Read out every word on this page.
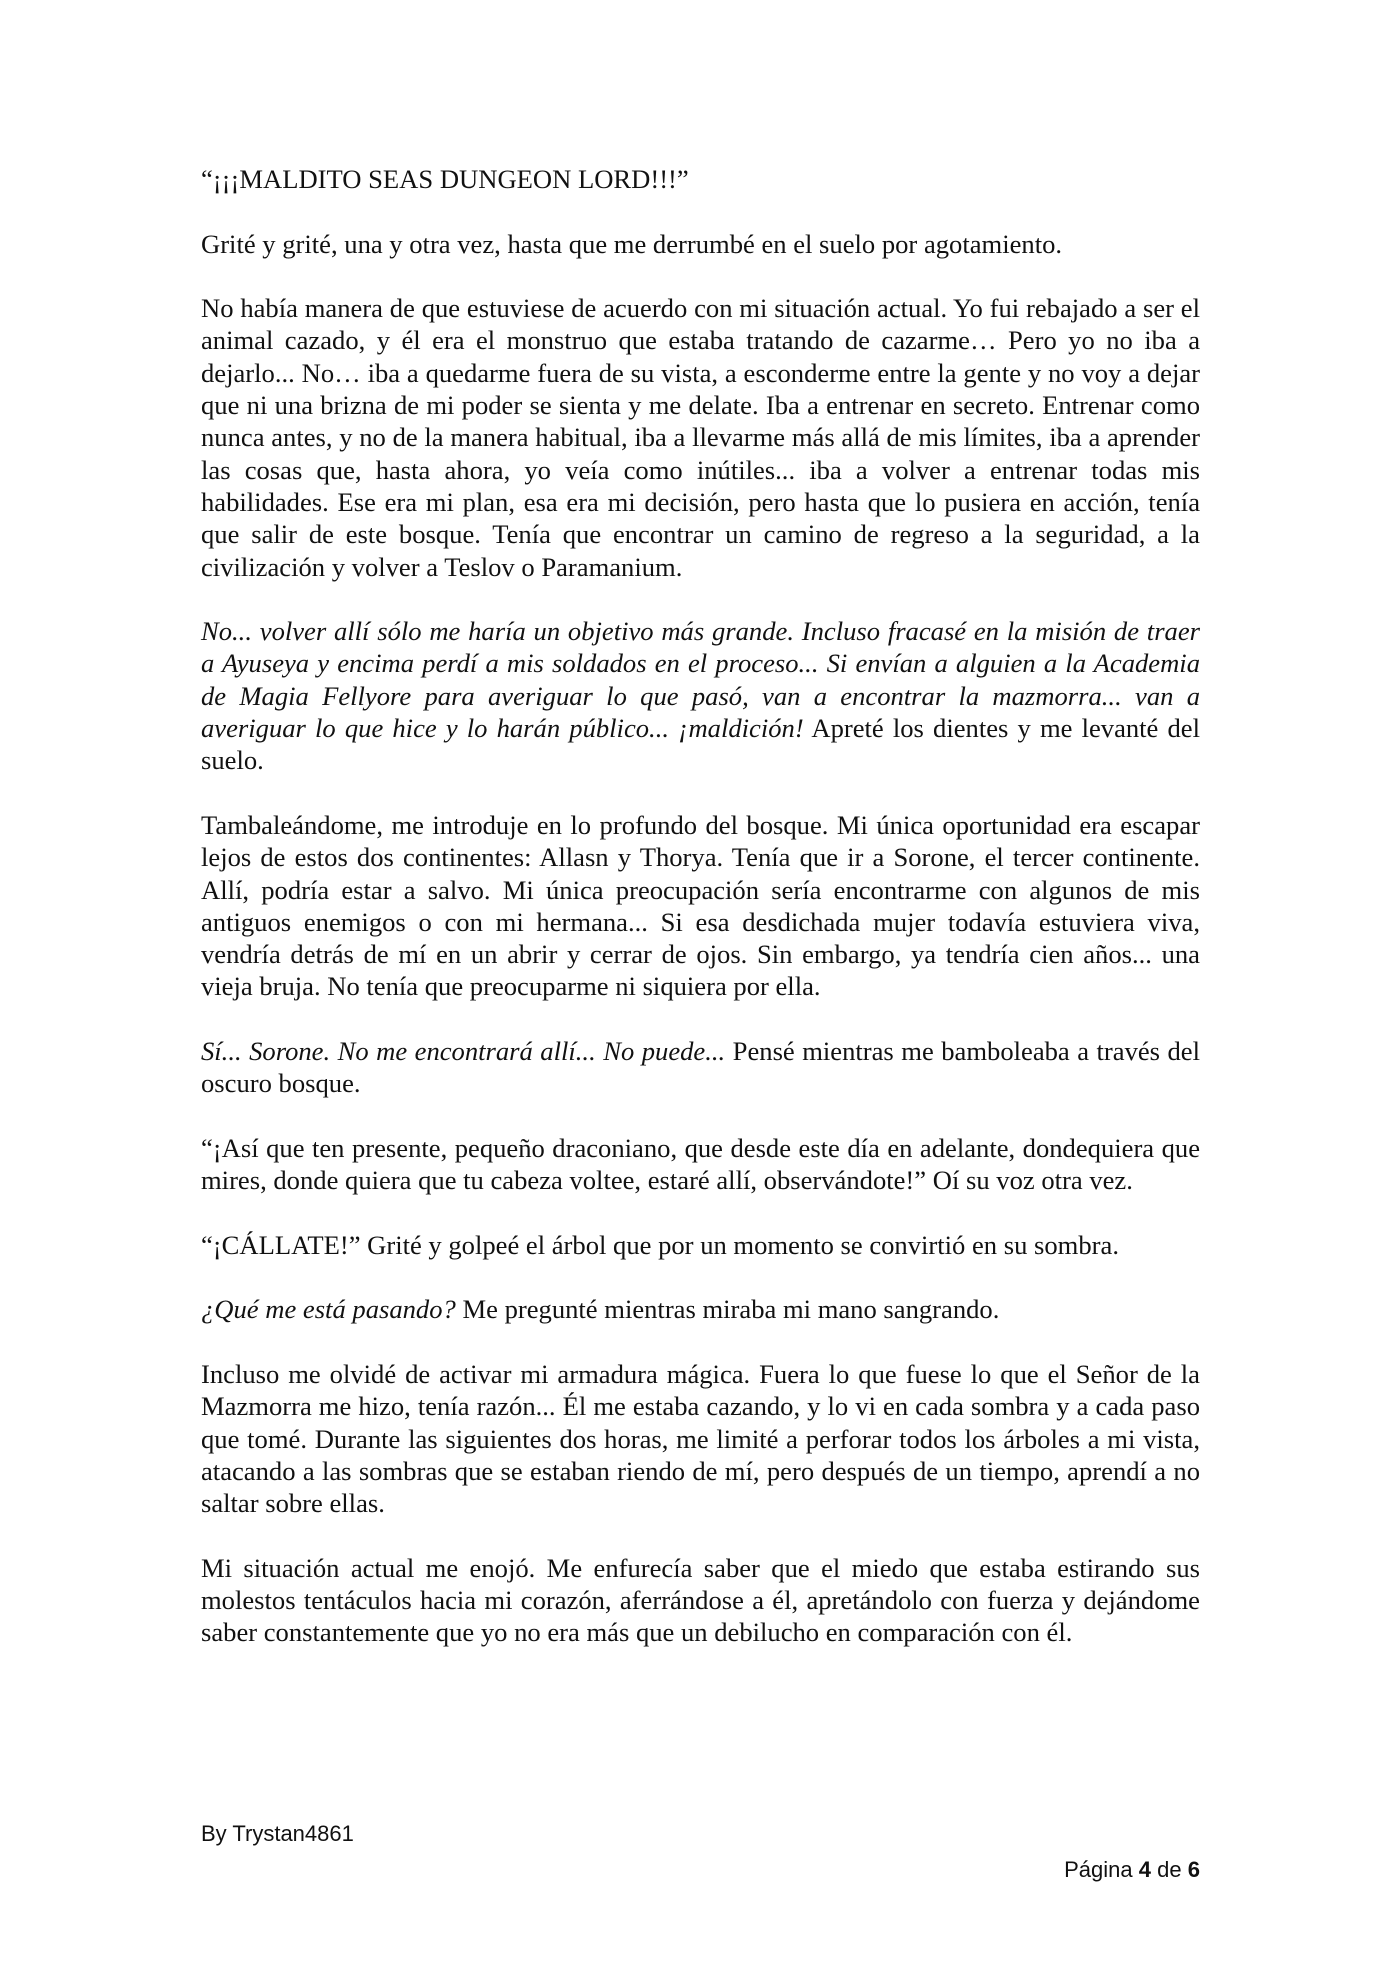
“¡¡¡MALDITO SEAS DUNGEON LORD!!!”

Grité y grité, una y otra vez, hasta que me derrumbé en el suelo por agotamiento.

No había manera de que estuviese de acuerdo con mi situación actual. Yo fui rebajado a ser el animal cazado, y él era el monstruo que estaba tratando de cazarme… Pero yo no iba a dejarlo... No… iba a quedarme fuera de su vista, a esconderme entre la gente y no voy a dejar que ni una brizna de mi poder se sienta y me delate. Iba a entrenar en secreto. Entrenar como nunca antes, y no de la manera habitual, iba a llevarme más allá de mis límites, iba a aprender las cosas que, hasta ahora, yo veía como inútiles... iba a volver a entrenar todas mis habilidades. Ese era mi plan, esa era mi decisión, pero hasta que lo pusiera en acción, tenía que salir de este bosque. Tenía que encontrar un camino de regreso a la seguridad, a la civilización y volver a Teslov o Paramanium.

No... volver allí sólo me haría un objetivo más grande. Incluso fracasé en la misión de traer a Ayuseya y encima perdí a mis soldados en el proceso... Si envían a alguien a la Academia de Magia Fellyore para averiguar lo que pasó, van a encontrar la mazmorra... van a averiguar lo que hice y lo harán público... ¡maldición! Apreté los dientes y me levanté del suelo.

Tambaleándome, me introduje en lo profundo del bosque. Mi única oportunidad era escapar lejos de estos dos continentes: Allasn y Thorya. Tenía que ir a Sorone, el tercer continente. Allí, podría estar a salvo. Mi única preocupación sería encontrarme con algunos de mis antiguos enemigos o con mi hermana... Si esa desdichada mujer todavía estuviera viva, vendría detrás de mí en un abrir y cerrar de ojos. Sin embargo, ya tendría cien años... una vieja bruja. No tenía que preocuparme ni siquiera por ella.

Sí... Sorone. No me encontrará allí... No puede... Pensé mientras me bamboleaba a través del oscuro bosque.

“¡Así que ten presente, pequeño draconiano, que desde este día en adelante, dondequiera que mires, donde quiera que tu cabeza voltee, estaré allí, observándote!” Oí su voz otra vez.

“¡CÁLLATE!” Grité y golpeé el árbol que por un momento se convirtió en su sombra.

¿Qué me está pasando? Me pregunté mientras miraba mi mano sangrando.

Incluso me olvidé de activar mi armadura mágica. Fuera lo que fuese lo que el Señor de la Mazmorra me hizo, tenía razón... Él me estaba cazando, y lo vi en cada sombra y a cada paso que tomé. Durante las siguientes dos horas, me limité a perforar todos los árboles a mi vista, atacando a las sombras que se estaban riendo de mí, pero después de un tiempo, aprendí a no saltar sobre ellas.

Mi situación actual me enojó. Me enfurecía saber que el miedo que estaba estirando sus molestos tentáculos hacia mi corazón, aferrándose a él, apretándolo con fuerza y dejándome saber constantemente que yo no era más que un debilucho en comparación con él.

By Trystan4861
Página 4 de 6
